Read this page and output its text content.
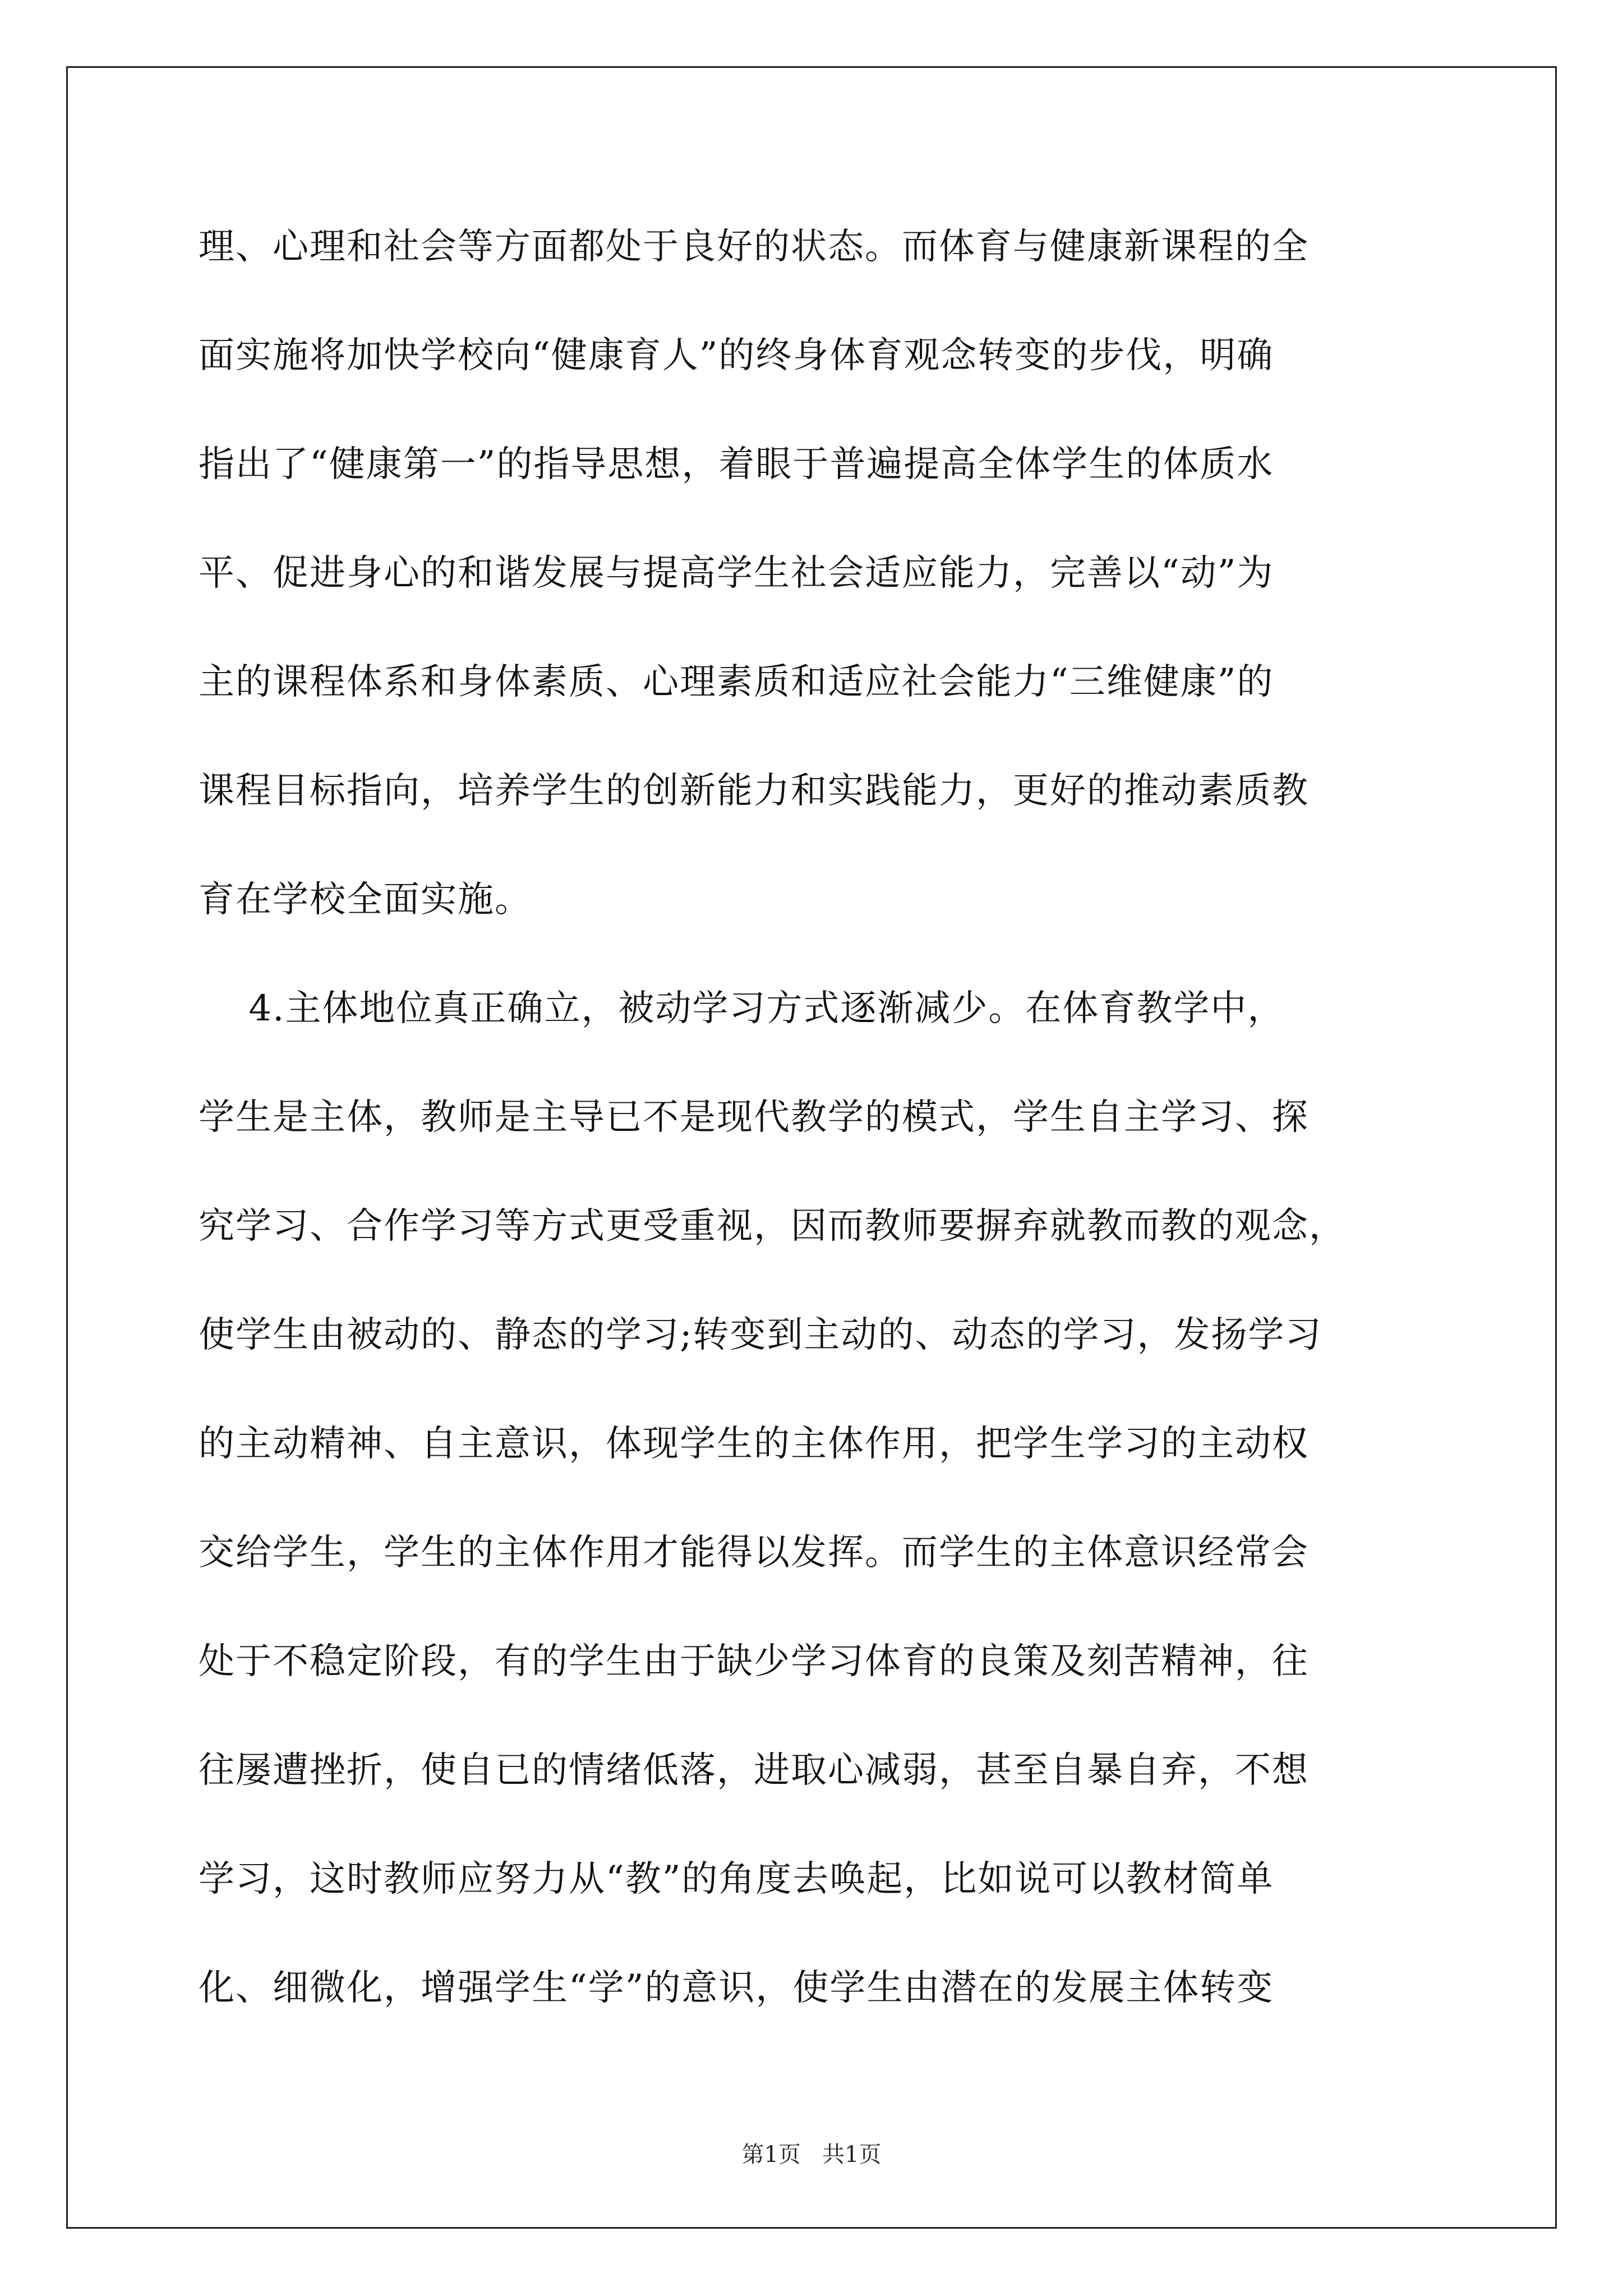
理、心理和社会等方面都处于良好的状态。而体育与健康新课程的全
面实施将加快学校向“健康育人”的终身体育观念转变的步伐，明确
指出了“健康第一”的指导思想，着眼于普遍提高全体学生的体质水
平、促进身心的和谐发展与提高学生社会适应能力，完善以“动”为
主的课程体系和身体素质、心理素质和适应社会能力“三维健康”的
课程目标指向，培养学生的创新能力和实践能力，更好的推动素质教
育在学校全面实施。
4.主体地位真正确立，被动学习方式逐渐减少。在体育教学中，
学生是主体，教师是主导已不是现代教学的模式，学生自主学习、探
究学习、合作学习等方式更受重视，因而教师要摒弃就教而教的观念，
使学生由被动的、静态的学习;转变到主动的、动态的学习，发扬学习
的主动精神、自主意识，体现学生的主体作用，把学生学习的主动权
交给学生，学生的主体作用才能得以发挥。而学生的主体意识经常会
处于不稳定阶段，有的学生由于缺少学习体育的良策及刻苦精神，往
往屡遭挫折，使自已的情绪低落，进取心减弱，甚至自暴自弃，不想
学习，这时教师应努力从“教”的角度去唤起，比如说可以教材简单
化、细微化，增强学生“学”的意识，使学生由潜在的发展主体转变
第1页   共1页
